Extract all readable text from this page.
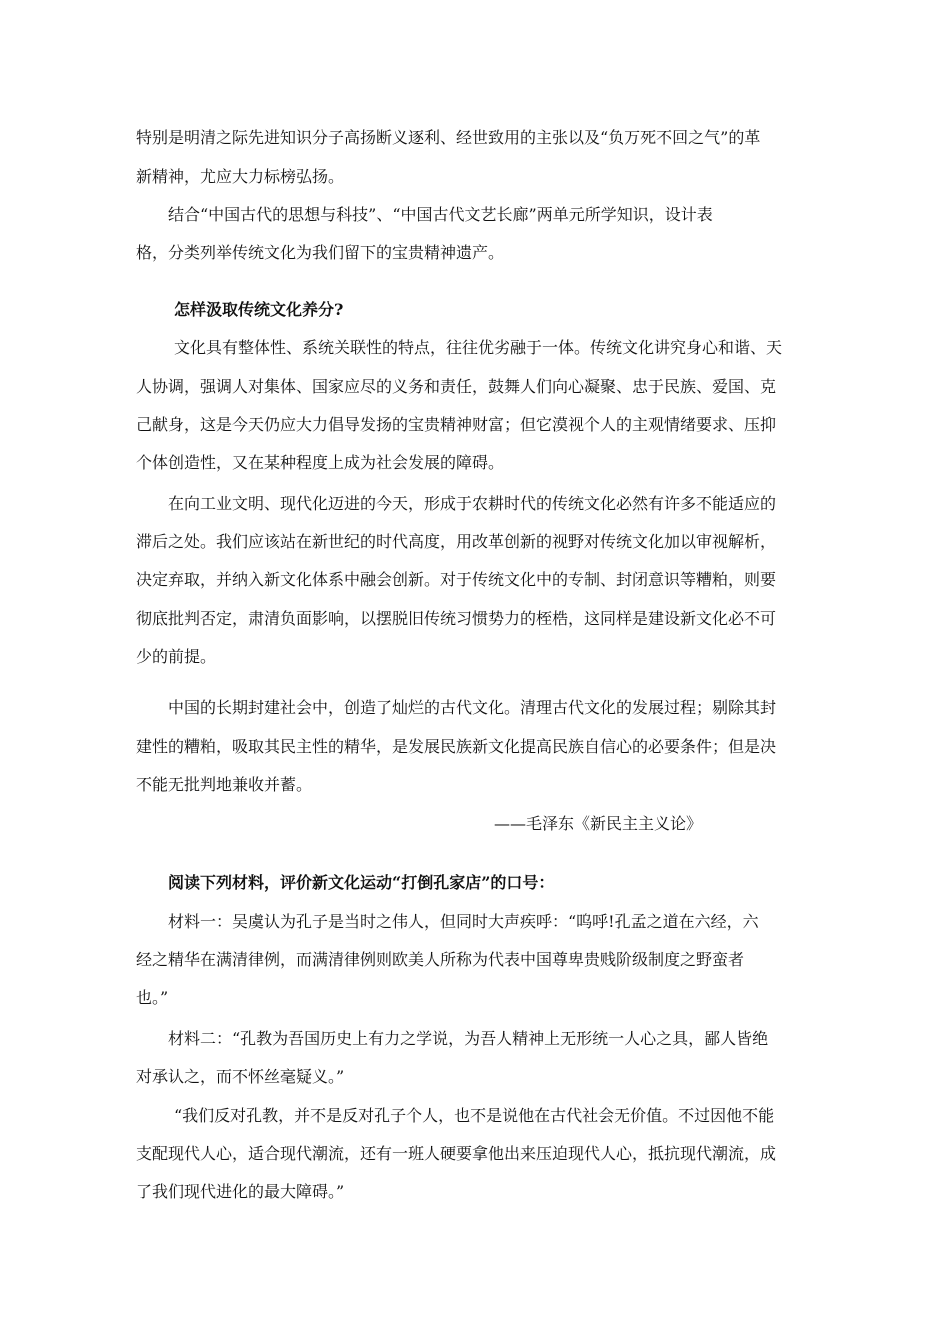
特别是明清之际先进知识分子高扬断义逐利、经世致用的主张以及“负万死不回之气”的革
新精神，尤应大力标榜弘扬。
结合“中国古代的思想与科技”、“中国古代文艺长廊”两单元所学知识，设计表
格，分类列举传统文化为我们留下的宝贵精神遗产。
怎样汲取传统文化养分?
文化具有整体性、系统关联性的特点，往往优劣融于一体。传统文化讲究身心和谐、天
人协调，强调人对集体、国家应尽的义务和责任，鼓舞人们向心凝聚、忠于民族、爱国、克
己献身，这是今天仍应大力倡导发扬的宝贵精神财富；但它漠视个人的主观情绪要求、压抑
个体创造性，又在某种程度上成为社会发展的障碍。
在向工业文明、现代化迈进的今天，形成于农耕时代的传统文化必然有许多不能适应的
滞后之处。我们应该站在新世纪的时代高度，用改革创新的视野对传统文化加以审视解析，
决定弃取，并纳入新文化体系中融会创新。对于传统文化中的专制、封闭意识等糟粕，则要
彻底批判否定，肃清负面影响，以摆脱旧传统习惯势力的桎梏，这同样是建设新文化必不可
少的前提。
中国的长期封建社会中，创造了灿烂的古代文化。清理古代文化的发展过程；剔除其封
建性的糟粕，吸取其民主性的精华，是发展民族新文化提高民族自信心的必要条件；但是决
不能无批判地兼收并蓄。
——毛泽东《新民主主义论》
阅读下列材料，评价新文化运动“打倒孔家店”的口号：
材料一：吴虞认为孔子是当时之伟人，但同时大声疾呼：“呜呼!孔孟之道在六经，六
经之精华在满清律例，而满清律例则欧美人所称为代表中国尊卑贵贱阶级制度之野蛮者
也。”
材料二：“孔教为吾国历史上有力之学说，为吾人精神上无形统一人心之具，鄙人皆绝
对承认之，而不怀丝毫疑义。”
“我们反对孔教，并不是反对孔子个人，也不是说他在古代社会无价值。不过因他不能
支配现代人心，适合现代潮流，还有一班人硬要拿他出来压迫现代人心，抵抗现代潮流，成
了我们现代进化的最大障碍。”
